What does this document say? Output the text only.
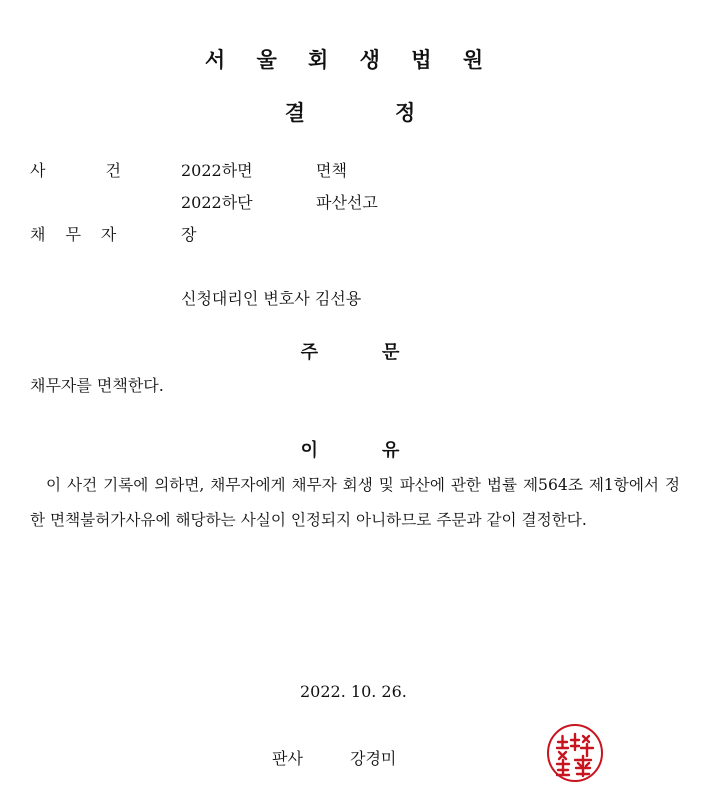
서 울 회 생 법 원
결	정
사건 2022하면	면책
2022하단	파산선고
채무자	장
신청대리인 변호사 김선용
주	문
채무자를 면책한다.
이	유
이 사건 기록에 의하면, 채무자에게 채무자 회생 및 파산에 관한 법률 제564조 제1항에서 정한 면책불허가사유에 해당하는 사실이 인정되지 아니하므로 주문과 같이 결정한다.
2022. 10. 26.
판사	강경미
